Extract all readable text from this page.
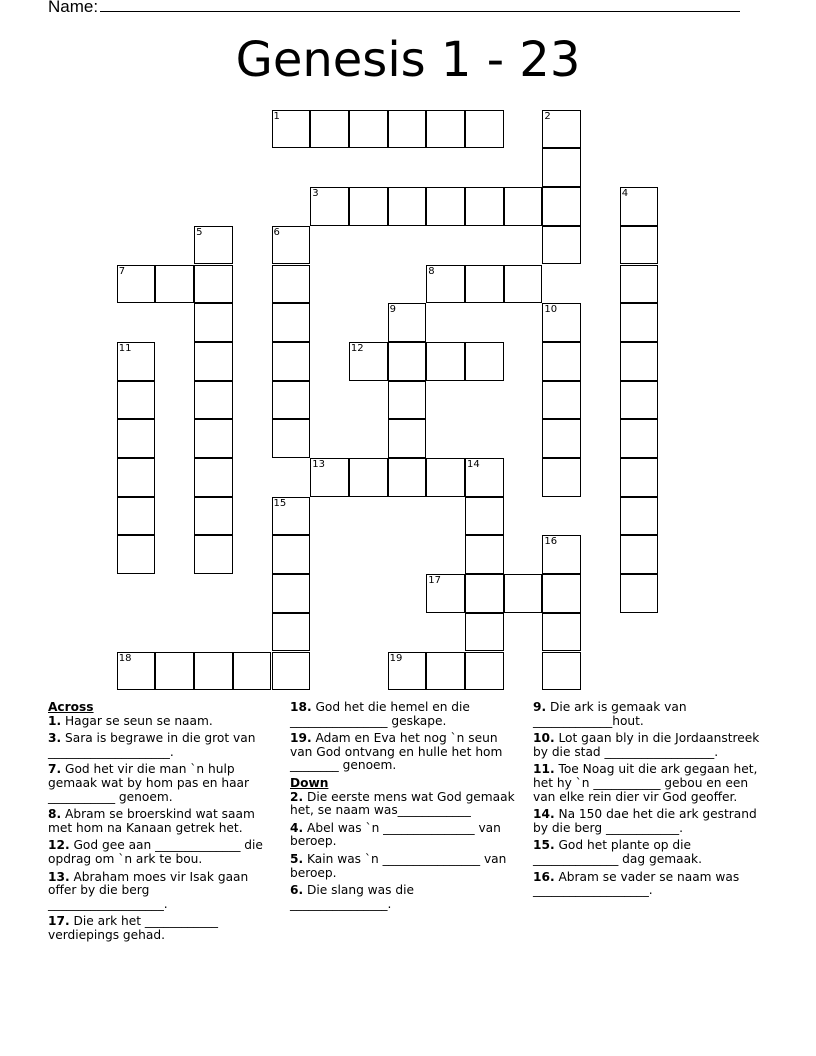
Name:
Genesis 1 - 23
1	2
3	4
5	6
7	8
9	10
11	12
13	14
15
16
17
18	19
Across
1. Hagar se seun se naam.
3. Sara is begrawe in die grot van ____________________.
7. God het vir die man `n hulp gemaak wat by hom pas en haar ___________ genoem.
8. Abram se broerskind wat saam met hom na Kanaan getrek het.
12. God gee aan ______________ die opdrag om `n ark te bou.
13. Abraham moes vir Isak gaan offer by die berg ___________________.
17. Die ark het ____________ verdiepings gehad.
18. God het die hemel en die ________________ geskape.
19. Adam en Eva het nog `n seun van God ontvang en hulle het hom ________ genoem.
Down
2. Die eerste mens wat God gemaak het, se naam was____________
4. Abel was `n _______________ van beroep.
5. Kain was `n ________________ van beroep.
6. Die slang was die ________________.
9. Die ark is gemaak van _____________hout.
10. Lot gaan bly in die Jordaanstreek by die stad __________________.
11. Toe Noag uit die ark gegaan het, het hy `n ___________ gebou en een van elke rein dier vir God geoffer.
14. Na 150 dae het die ark gestrand by die berg ____________.
15. God het plante op die ______________ dag gemaak.
16. Abram se vader se naam was ___________________.
